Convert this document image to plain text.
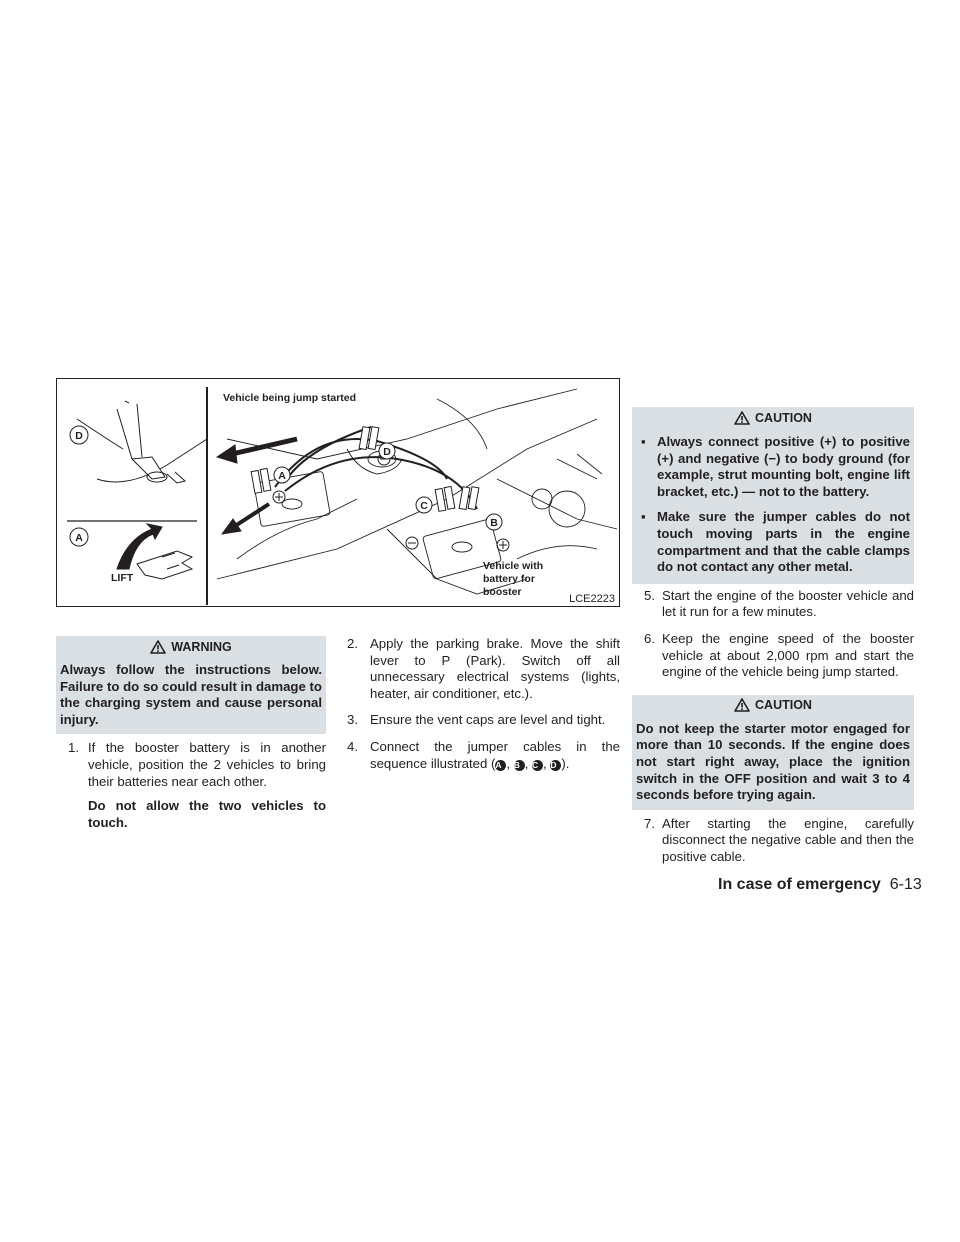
D
A
LIFT
Vehicle being jump started
A
D
C
B
Vehicle with
battery for
booster
LCE2223
WARNING

Always follow the instructions below. Failure to do so could result in damage to the charging system and cause personal injury.

1. If the booster battery is in another vehicle, position the 2 vehicles to bring their batteries near each other.
Do not allow the two vehicles to touch.
2. Apply the parking brake. Move the shift lever to P (Park). Switch off all unnecessary electrical systems (lights, heater, air conditioner, etc.).
3. Ensure the vent caps are level and tight.
4. Connect the jumper cables in the sequence illustrated (A , B , C , D ).
CAUTION
▪ Always connect positive (+) to positive (+) and negative (−) to body ground (for example, strut mounting bolt, engine lift bracket, etc.) — not to the battery.
▪ Make sure the jumper cables do not touch moving parts in the engine compartment and that the cable clamps do not contact any other metal.
5. Start the engine of the booster vehicle and let it run for a few minutes.
6. Keep the engine speed of the booster vehicle at about 2,000 rpm and start the engine of the vehicle being jump started.
CAUTION

Do not keep the starter motor engaged for more than 10 seconds. If the engine does not start right away, place the ignition switch in the OFF position and wait 3 to 4 seconds before trying again.

7. After starting the engine, carefully disconnect the negative cable and then the positive cable.
In case of emergency 6-13
